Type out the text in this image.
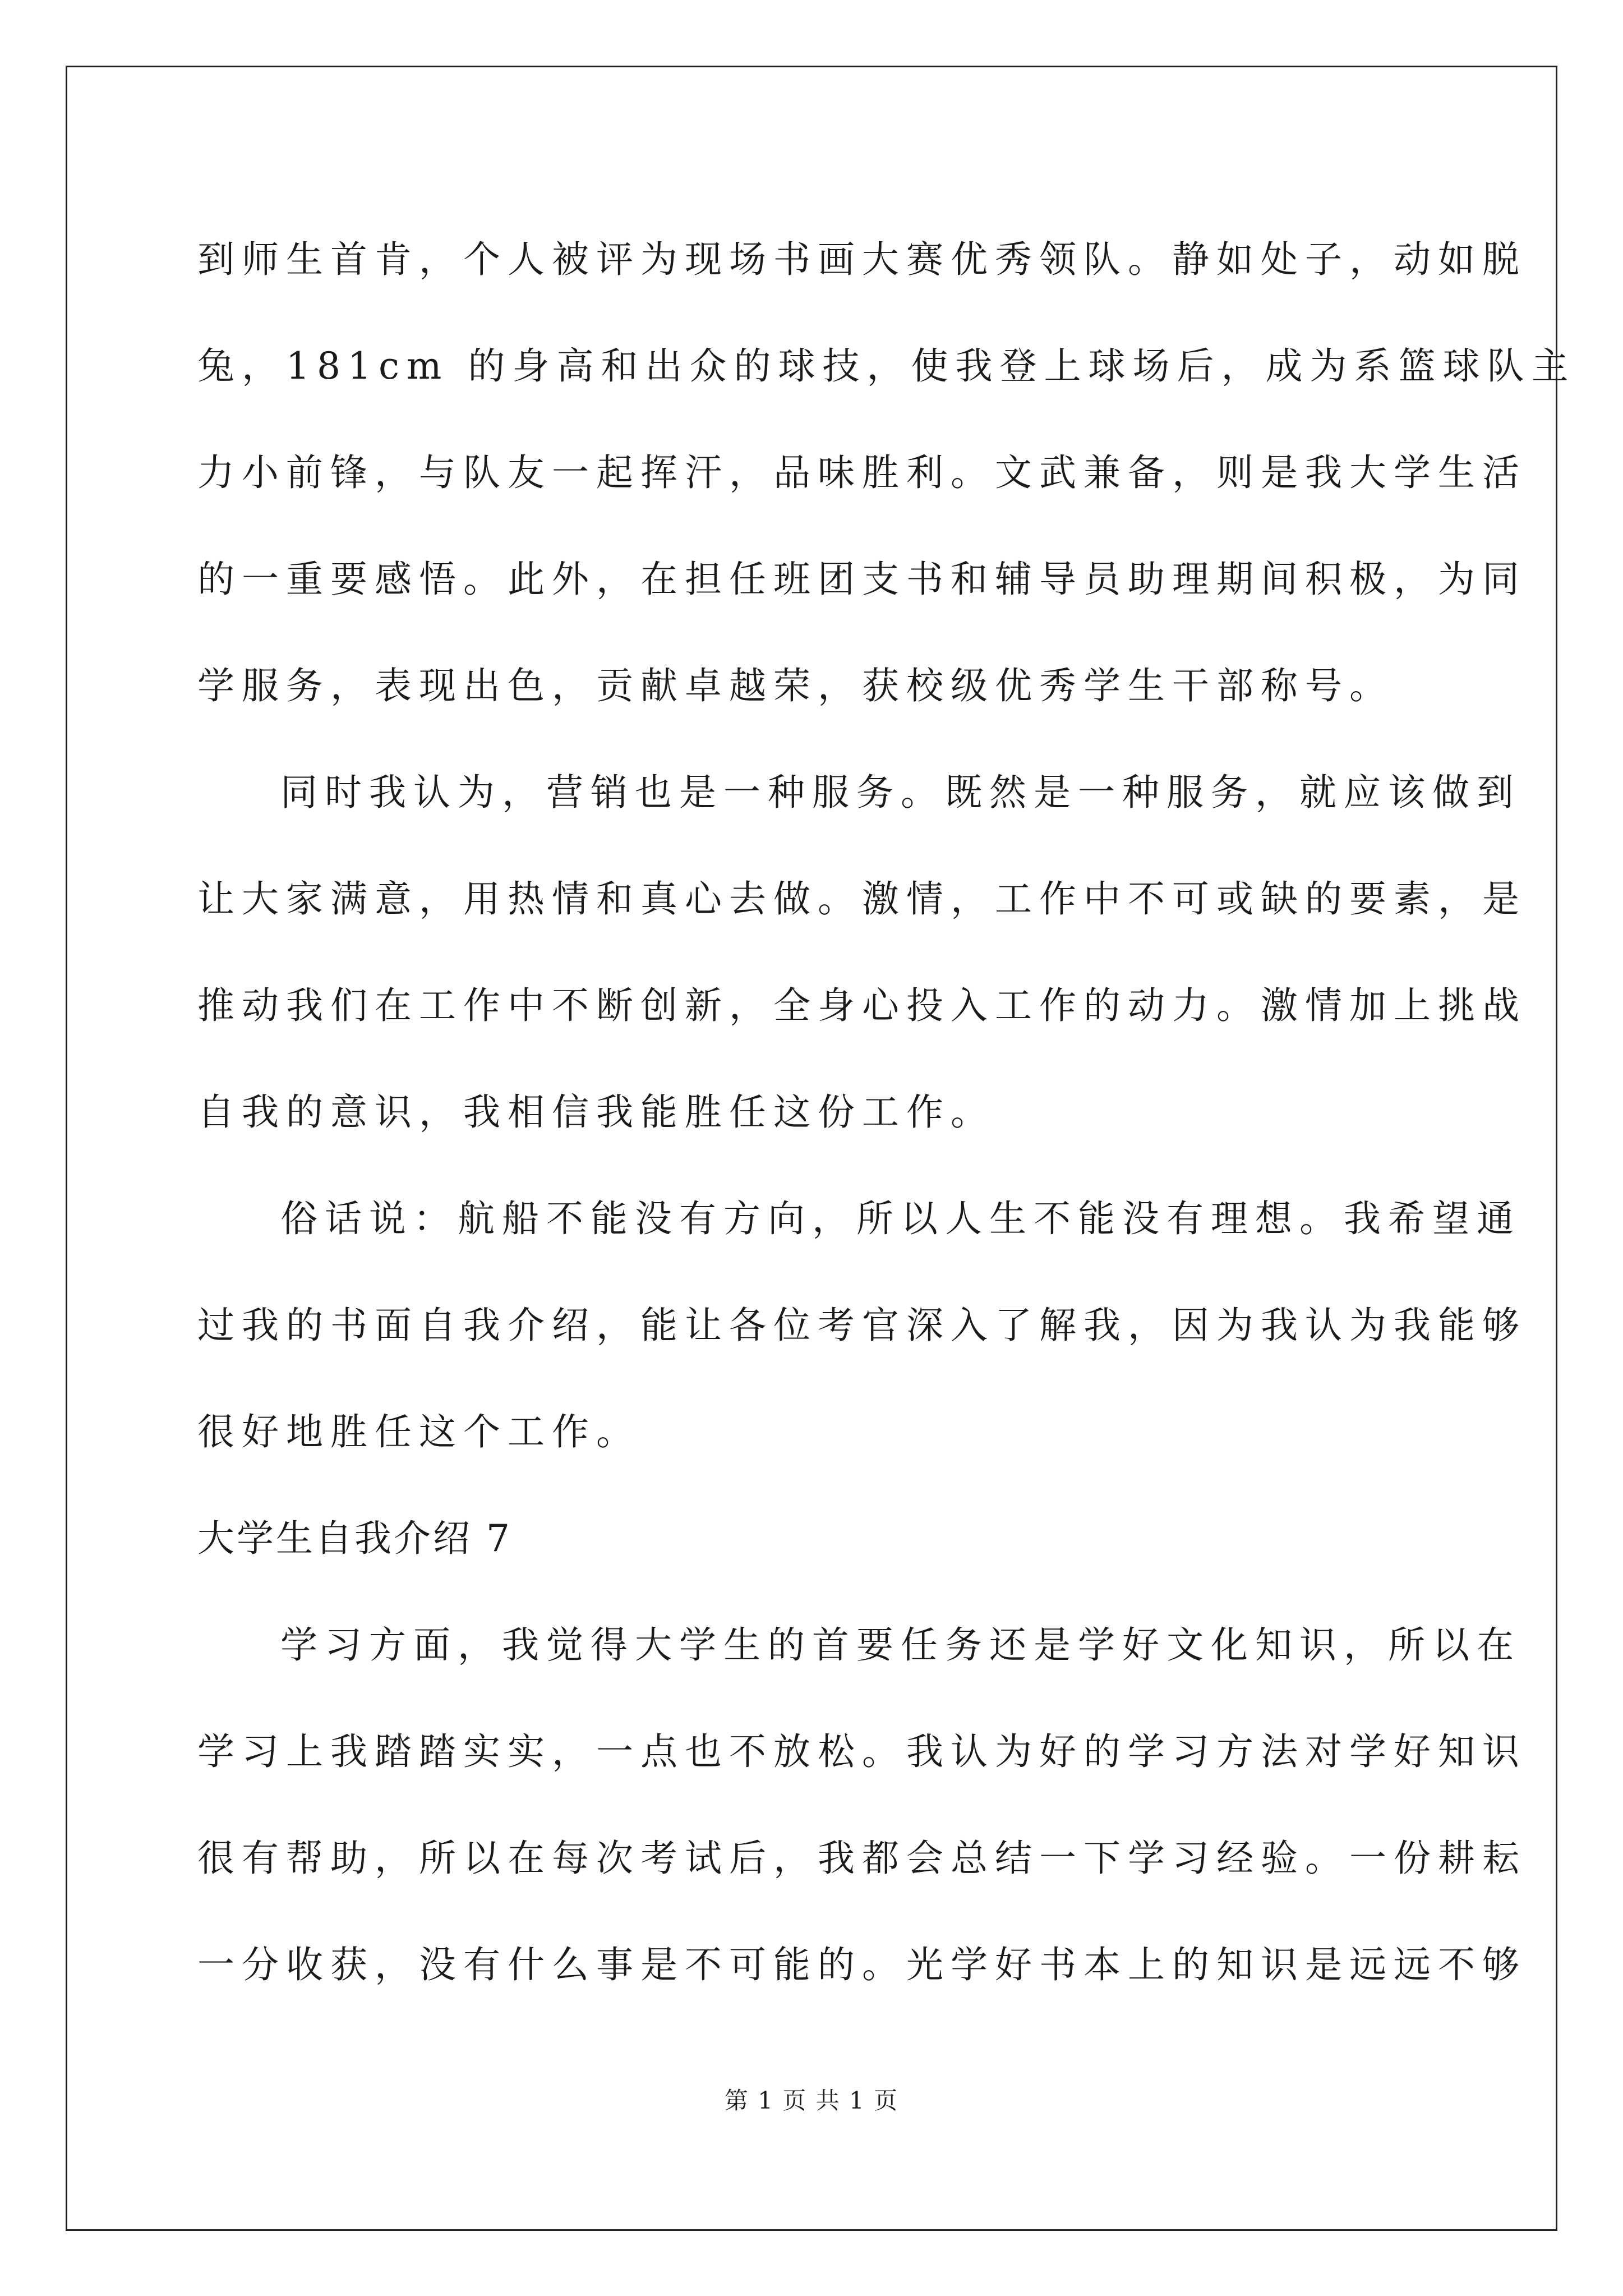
到师生首肯，个人被评为现场书画大赛优秀领队。静如处子，动如脱
兔，181cm 的身高和出众的球技，使我登上球场后，成为系篮球队主
力小前锋，与队友一起挥汗，品味胜利。文武兼备，则是我大学生活
的一重要感悟。此外，在担任班团支书和辅导员助理期间积极，为同
学服务，表现出色，贡献卓越荣，获校级优秀学生干部称号。
同时我认为，营销也是一种服务。既然是一种服务，就应该做到
让大家满意，用热情和真心去做。激情，工作中不可或缺的要素，是
推动我们在工作中不断创新，全身心投入工作的动力。激情加上挑战
自我的意识，我相信我能胜任这份工作。
俗话说：航船不能没有方向，所以人生不能没有理想。我希望通
过我的书面自我介绍，能让各位考官深入了解我，因为我认为我能够
很好地胜任这个工作。
大学生自我介绍 7
学习方面，我觉得大学生的首要任务还是学好文化知识，所以在
学习上我踏踏实实，一点也不放松。我认为好的学习方法对学好知识
很有帮助，所以在每次考试后，我都会总结一下学习经验。一份耕耘
一分收获，没有什么事是不可能的。光学好书本上的知识是远远不够
第 1 页 共 1 页
